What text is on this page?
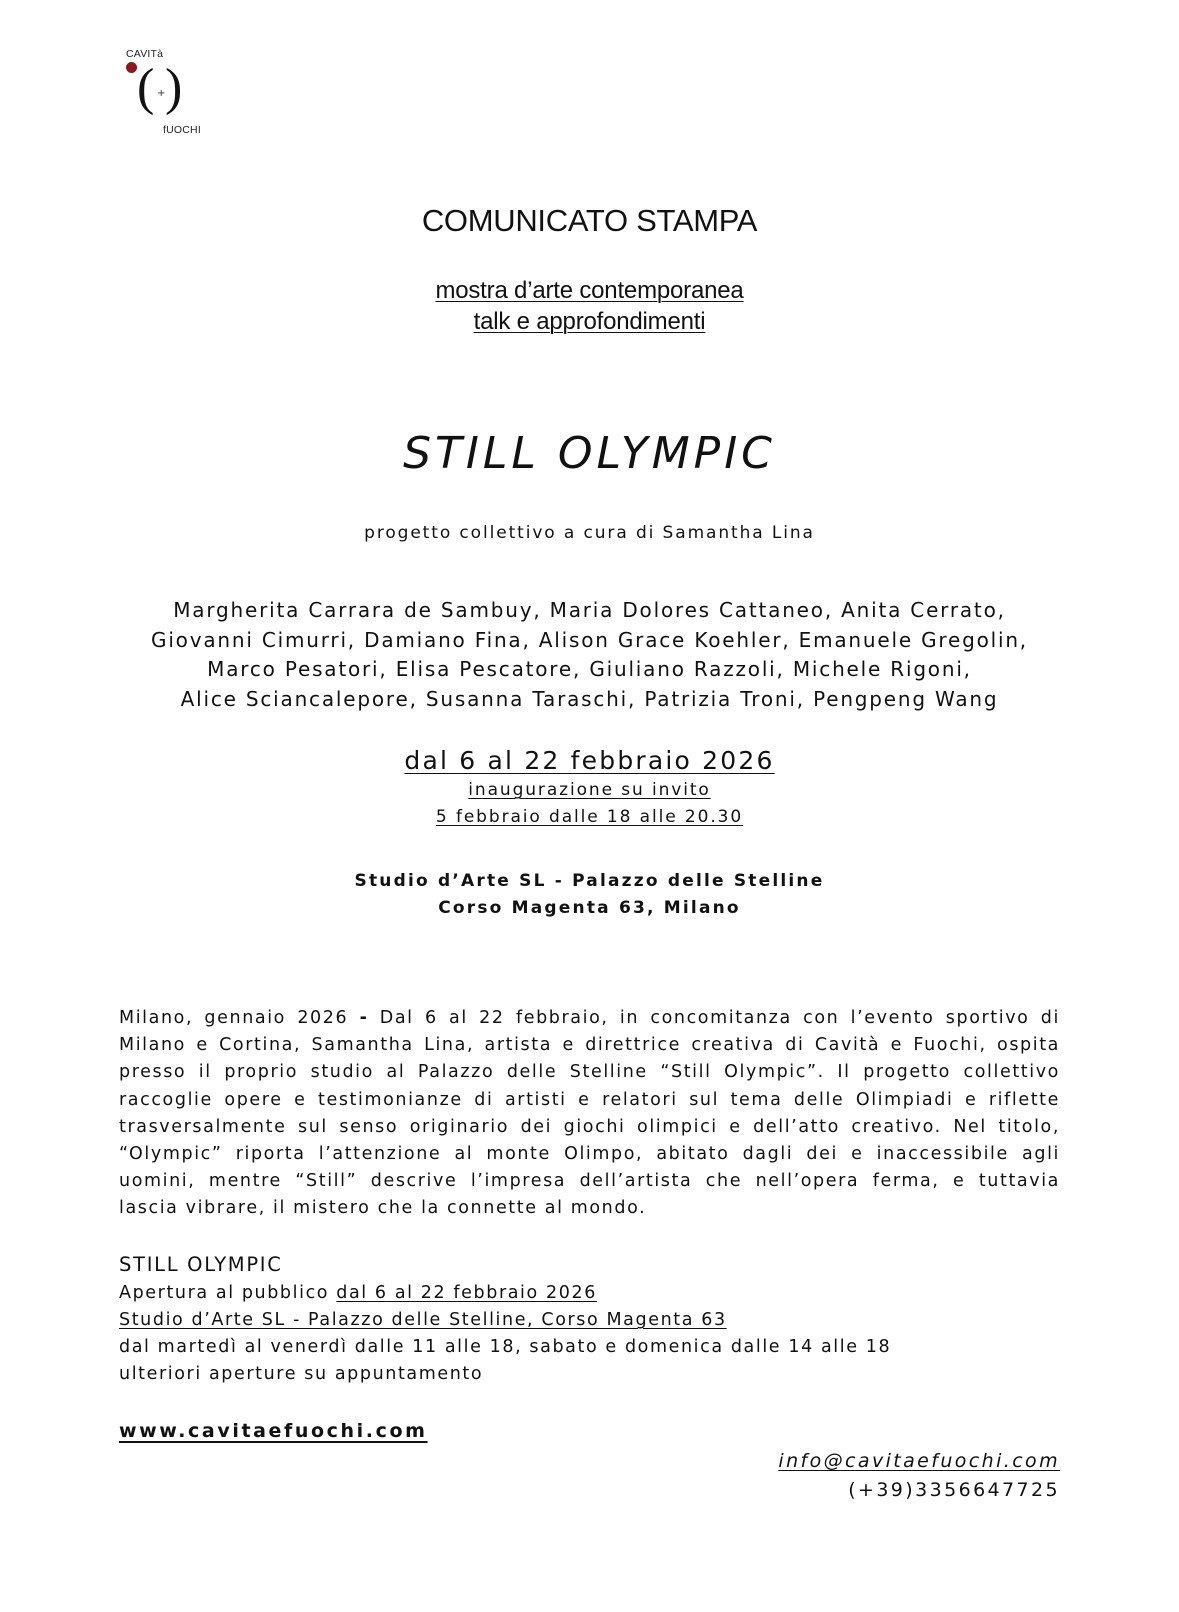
CAVITà
( + )
fUOCHI
COMUNICATO STAMPA
mostra d’arte contemporanea
talk e approfondimenti
STILL OLYMPIC
progetto collettivo a cura di Samantha Lina
Margherita Carrara de Sambuy, Maria Dolores Cattaneo, Anita Cerrato,
Giovanni Cimurri, Damiano Fina, Alison Grace Koehler, Emanuele Gregolin,
Marco Pesatori, Elisa Pescatore, Giuliano Razzoli, Michele Rigoni,
Alice Sciancalepore, Susanna Taraschi, Patrizia Troni, Pengpeng Wang
dal 6 al 22 febbraio 2026
inaugurazione su invito
5 febbraio dalle 18 alle 20.30
Studio d’Arte SL - Palazzo delle Stelline
Corso Magenta 63, Milano
Milano, gennaio 2026 - Dal 6 al 22 febbraio, in concomitanza con l’evento sportivo di Milano e Cortina, Samantha Lina, artista e direttrice creativa di Cavità e Fuochi, ospita presso il proprio studio al Palazzo delle Stelline “Still Olympic”. Il progetto collettivo raccoglie opere e testimonianze di artisti e relatori sul tema delle Olimpiadi e riflette trasversalmente sul senso originario dei giochi olimpici e dell’atto creativo. Nel titolo, “Olympic” riporta l’attenzione al monte Olimpo, abitato dagli dei e inaccessibile agli uomini, mentre “Still” descrive l’impresa dell’artista che nell’opera ferma, e tuttavia lascia vibrare, il mistero che la connette al mondo.
STILL OLYMPIC
Apertura al pubblico dal 6 al 22 febbraio 2026
Studio d’Arte SL - Palazzo delle Stelline, Corso Magenta 63
dal martedì al venerdì dalle 11 alle 18, sabato e domenica dalle 14 alle 18
ulteriori aperture su appuntamento
www.cavitaefuochi.com
info@cavitaefuochi.com
(+39)3356647725
